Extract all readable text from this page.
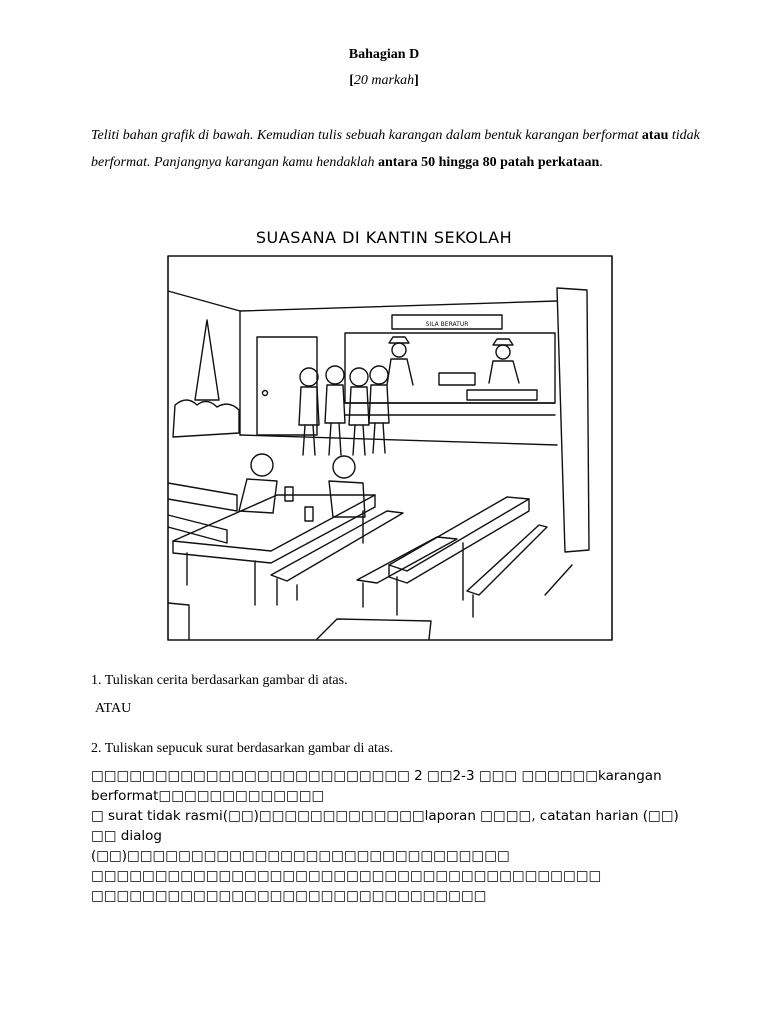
Bahagian D
[20 markah]
Teliti bahan grafik di bawah. Kemudian tulis sebuah karangan dalam bentuk karangan berformat atau tidak berformat. Panjangnya karangan kamu hendaklah antara 50 hingga 80 patah perkataan.
SUASANA DI KANTIN SEKOLAH
SILA BERATUR
1. Tuliskan cerita berdasarkan gambar di atas.
ATAU
2. Tuliskan sepucuk surat berdasarkan gambar di atas.
□□□□□□□□□□□□□□□□□□□□□□□□□ 2 □□2-3 □□□ □□□□□□karangan berformat□□□□□□□□□□□□□
□ surat tidak rasmi(□□)□□□□□□□□□□□□□laporan □□□□, catatan harian (□□) □□ dialog
(□□)□□□□□□□□□□□□□□□□□□□□□□□□□□□□□□ □□□□□□□□□□□□□□□□□□□□□□□□□□□□□□□□□□□□□□□□
□□□□□□□□□□□□□□□□□□□□□□□□□□□□□□□
